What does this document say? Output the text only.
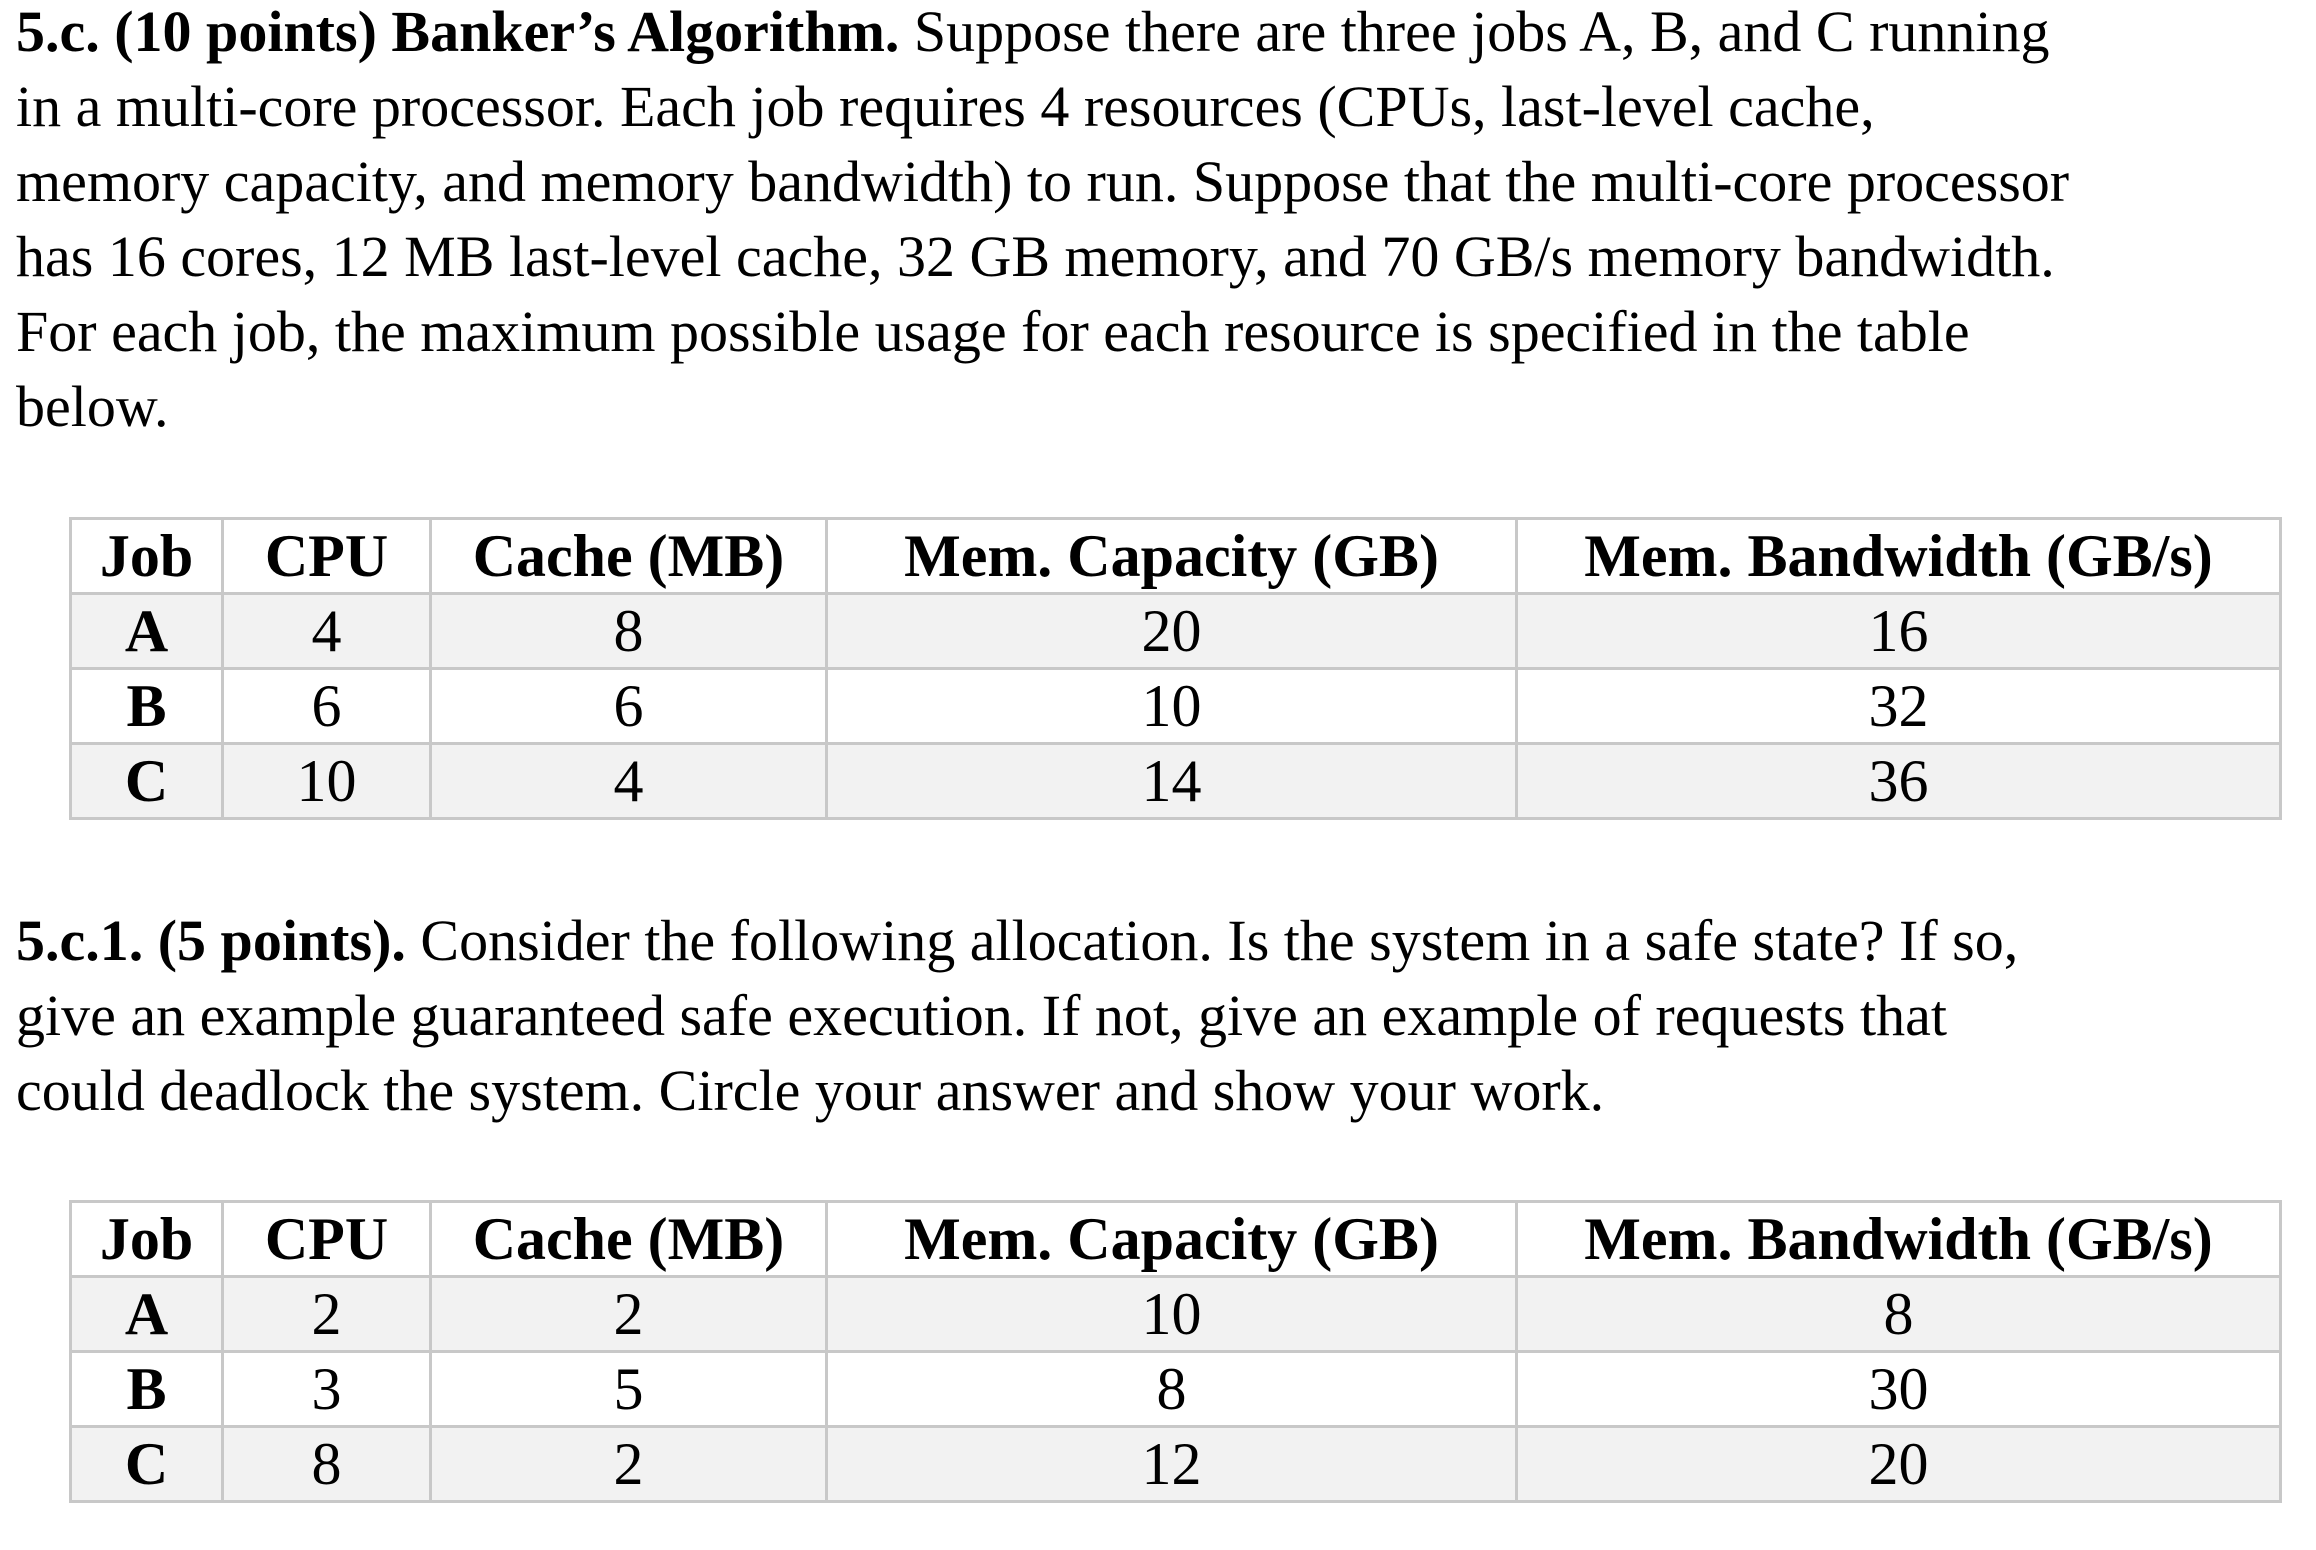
5.c. (10 points) Banker’s Algorithm. Suppose there are three jobs A, B, and C running
in a multi-core processor. Each job requires 4 resources (CPUs, last-level cache,
memory capacity, and memory bandwidth) to run. Suppose that the multi-core processor
has 16 cores, 12 MB last-level cache, 32 GB memory, and 70 GB/s memory bandwidth.
For each job, the maximum possible usage for each resource is specified in the table
below.
Job	CPU	Cache (MB)	Mem. Capacity (GB)	Mem. Bandwidth (GB/s)
A	4	8	20	16
B	6	6	10	32
C	10	4	14	36
5.c.1. (5 points). Consider the following allocation. Is the system in a safe state? If so,
give an example guaranteed safe execution. If not, give an example of requests that
could deadlock the system. Circle your answer and show your work.
Job	CPU	Cache (MB)	Mem. Capacity (GB)	Mem. Bandwidth (GB/s)
A	2	2	10	8
B	3	5	8	30
C	8	2	12	20
